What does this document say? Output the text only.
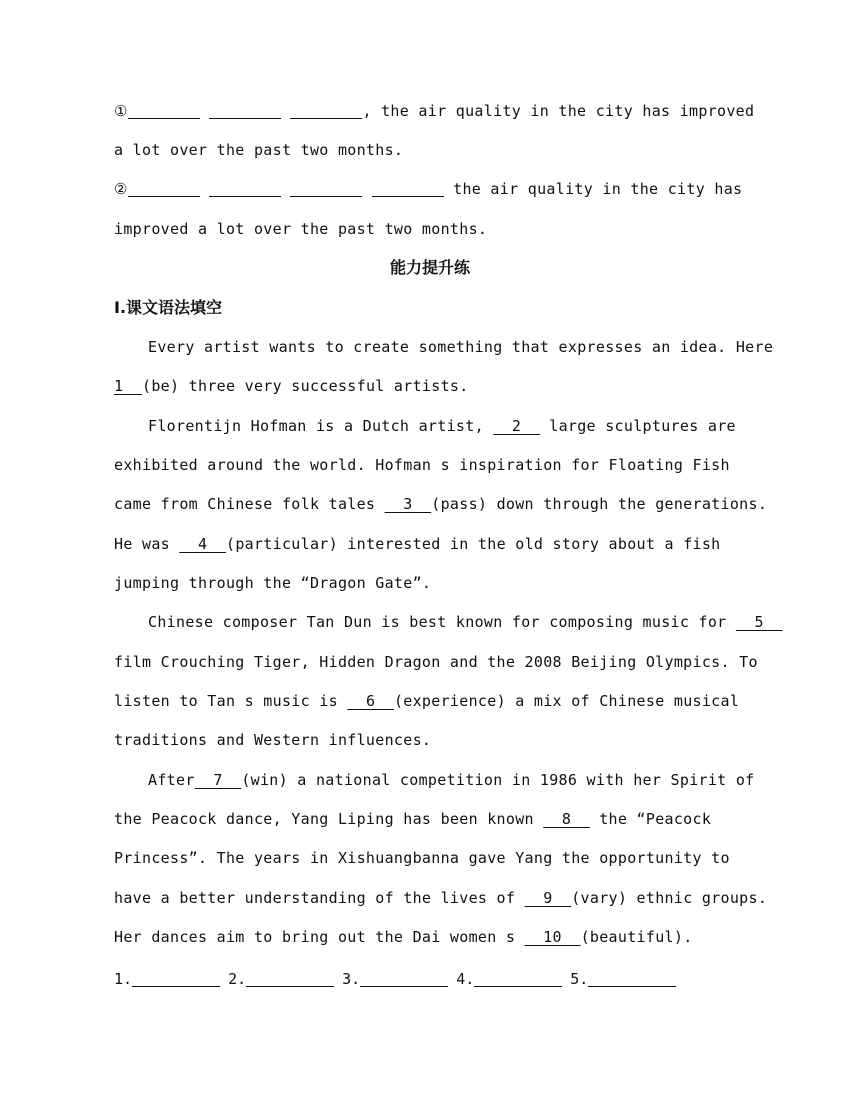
①	, the air quality in the city has improved
a lot over the past two months.
②	the air quality in the city has
improved a lot over the past two months.
能力提升练
Ⅰ.课文语法填空
Every artist wants to create something that expresses an idea. Here
1  (be) three very successful artists.
Florentijn Hofman is a Dutch artist,   2   large sculptures are
exhibited around the world. Hofman s inspiration for Floating Fish
came from Chinese folk tales   3  (pass) down through the generations.
He was   4  (particular) interested in the old story about a fish
jumping through the “Dragon Gate”.
Chinese composer Tan Dun is best known for composing music for   5
film Crouching Tiger, Hidden Dragon and the 2008 Beijing Olympics. To
listen to Tan s music is   6  (experience) a mix of Chinese musical
traditions and Western influences.
After  7  (win) a national competition in 1986 with her Spirit of
the Peacock dance, Yang Liping has been known   8   the “Peacock
Princess”. The years in Xishuangbanna gave Yang the opportunity to
have a better understanding of the lives of   9  (vary) ethnic groups.
Her dances aim to bring out the Dai women s   10  (beautiful).
1.	2.	3.	4.	5.
